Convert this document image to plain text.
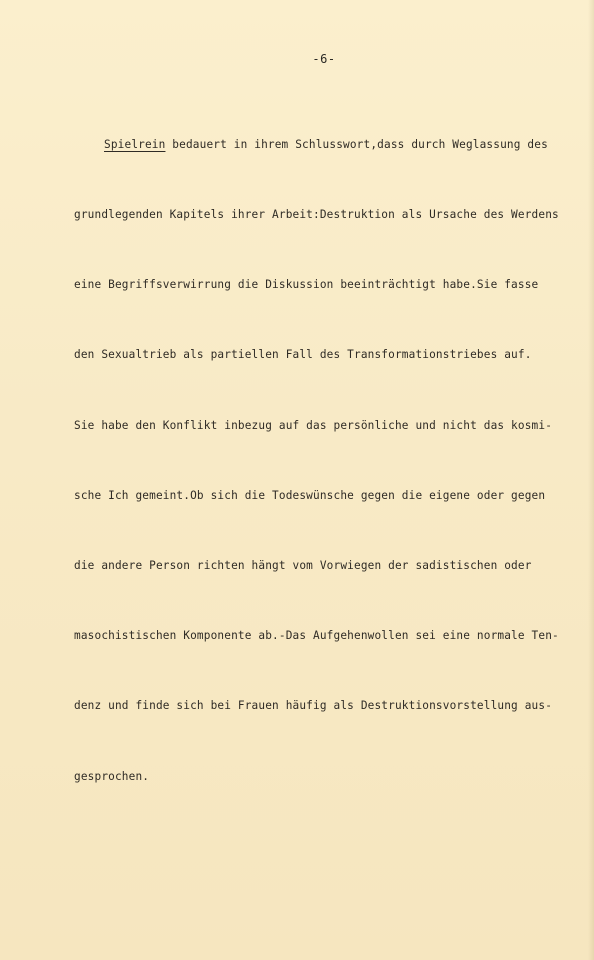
-6-

Spielrein bedauert in ihrem Schlusswort,dass durch Weglassung des

grundlegenden Kapitels ihrer Arbeit:Destruktion als Ursache des Werdens

eine Begriffsverwirrung die Diskussion beeinträchtigt habe.Sie fasse

den Sexualtrieb als partiellen Fall des Transformationstriebes auf.

Sie habe den Konflikt inbezug auf das persönliche und nicht das kosmi-

sche Ich gemeint.Ob sich die Todeswünsche gegen die eigene oder gegen

die andere Person richten hängt vom Vorwiegen der sadistischen oder

masochistischen Komponente ab.-Das Aufgehenwollen sei eine normale Ten-

denz und finde sich bei Frauen häufig als Destruktionsvorstellung aus-

gesprochen.
